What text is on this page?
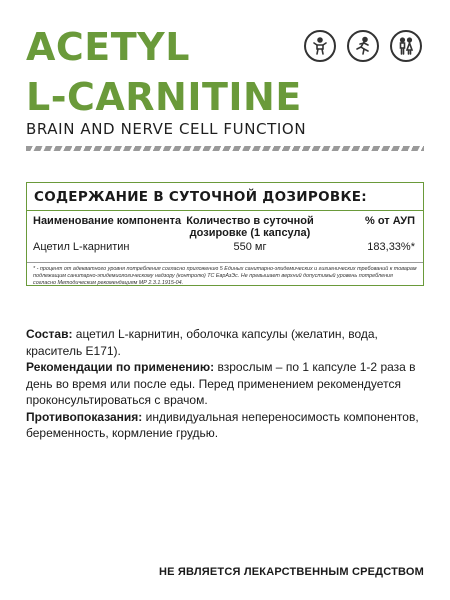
ACETYL
L-CARNITINE
BRAIN AND NERVE CELL FUNCTION
СОДЕРЖАНИЕ В СУТОЧНОЙ ДОЗИРОВКЕ:
Наименование компонента Количество в суточной дозировке (1 капсула)
% от АУП
Ацетил L-карнитин	550 мг	183,33%*
* - процент от адекватного уровня потребления согласно приложению 5 Единых санитарно-эпидемических и гигиенических требований к товарам подлежащим санитарно-эпидемиологическому надзору (контролю) ТС ЕврАзЭс. Не превышает верхний допустимый уровень потребления согласно Методическим рекомендациям МР 2.3.1.1915-04.

Состав: ацетил L-карнитин, оболочка капсулы (желатин, вода, краситель Е171).

Рекомендации по применению: взрослым – по 1 капсуле 1-2 раза в день во время или после еды. Перед применением рекомендуется проконсультироваться с врачом.

Противопоказания: индивидуальная непереносимость компонентов, беременность, кормление грудью.

НЕ ЯВЛЯЕТСЯ ЛЕКАРСТВЕННЫМ СРЕДСТВОМ
